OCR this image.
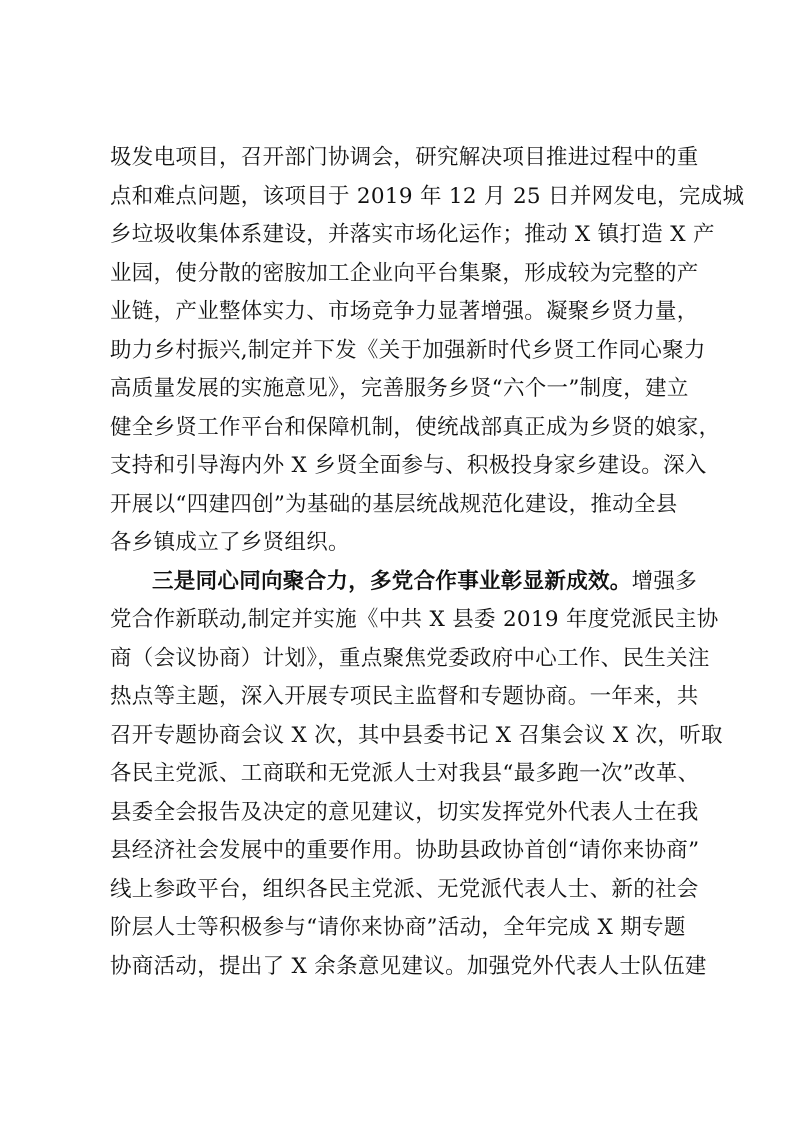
圾发电项目，召开部门协调会，研究解决项目推进过程中的重
点和难点问题，该项目于 2019 年 12 月 25 日并网发电，完成城
乡垃圾收集体系建设，并落实市场化运作；推动 X 镇打造 X 产
业园，使分散的密胺加工企业向平台集聚，形成较为完整的产
业链，产业整体实力、市场竞争力显著增强。凝聚乡贤力量，
助力乡村振兴,制定并下发《关于加强新时代乡贤工作同心聚力
高质量发展的实施意见》，完善服务乡贤“六个一”制度，建立
健全乡贤工作平台和保障机制，使统战部真正成为乡贤的娘家，
支持和引导海内外 X 乡贤全面参与、积极投身家乡建设。深入
开展以“四建四创”为基础的基层统战规范化建设，推动全县
各乡镇成立了乡贤组织。
三是同心同向聚合力，多党合作事业彰显新成效。增强多
党合作新联动,制定并实施《中共 X 县委 2019 年度党派民主协
商（会议协商）计划》，重点聚焦党委政府中心工作、民生关注
热点等主题，深入开展专项民主监督和专题协商。一年来，共
召开专题协商会议 X 次，其中县委书记 X 召集会议 X 次，听取
各民主党派、工商联和无党派人士对我县“最多跑一次”改革、
县委全会报告及决定的意见建议，切实发挥党外代表人士在我
县经济社会发展中的重要作用。协助县政协首创“请你来协商”
线上参政平台，组织各民主党派、无党派代表人士、新的社会
阶层人士等积极参与“请你来协商”活动，全年完成 X 期专题
协商活动，提出了 X 余条意见建议。加强党外代表人士队伍建
